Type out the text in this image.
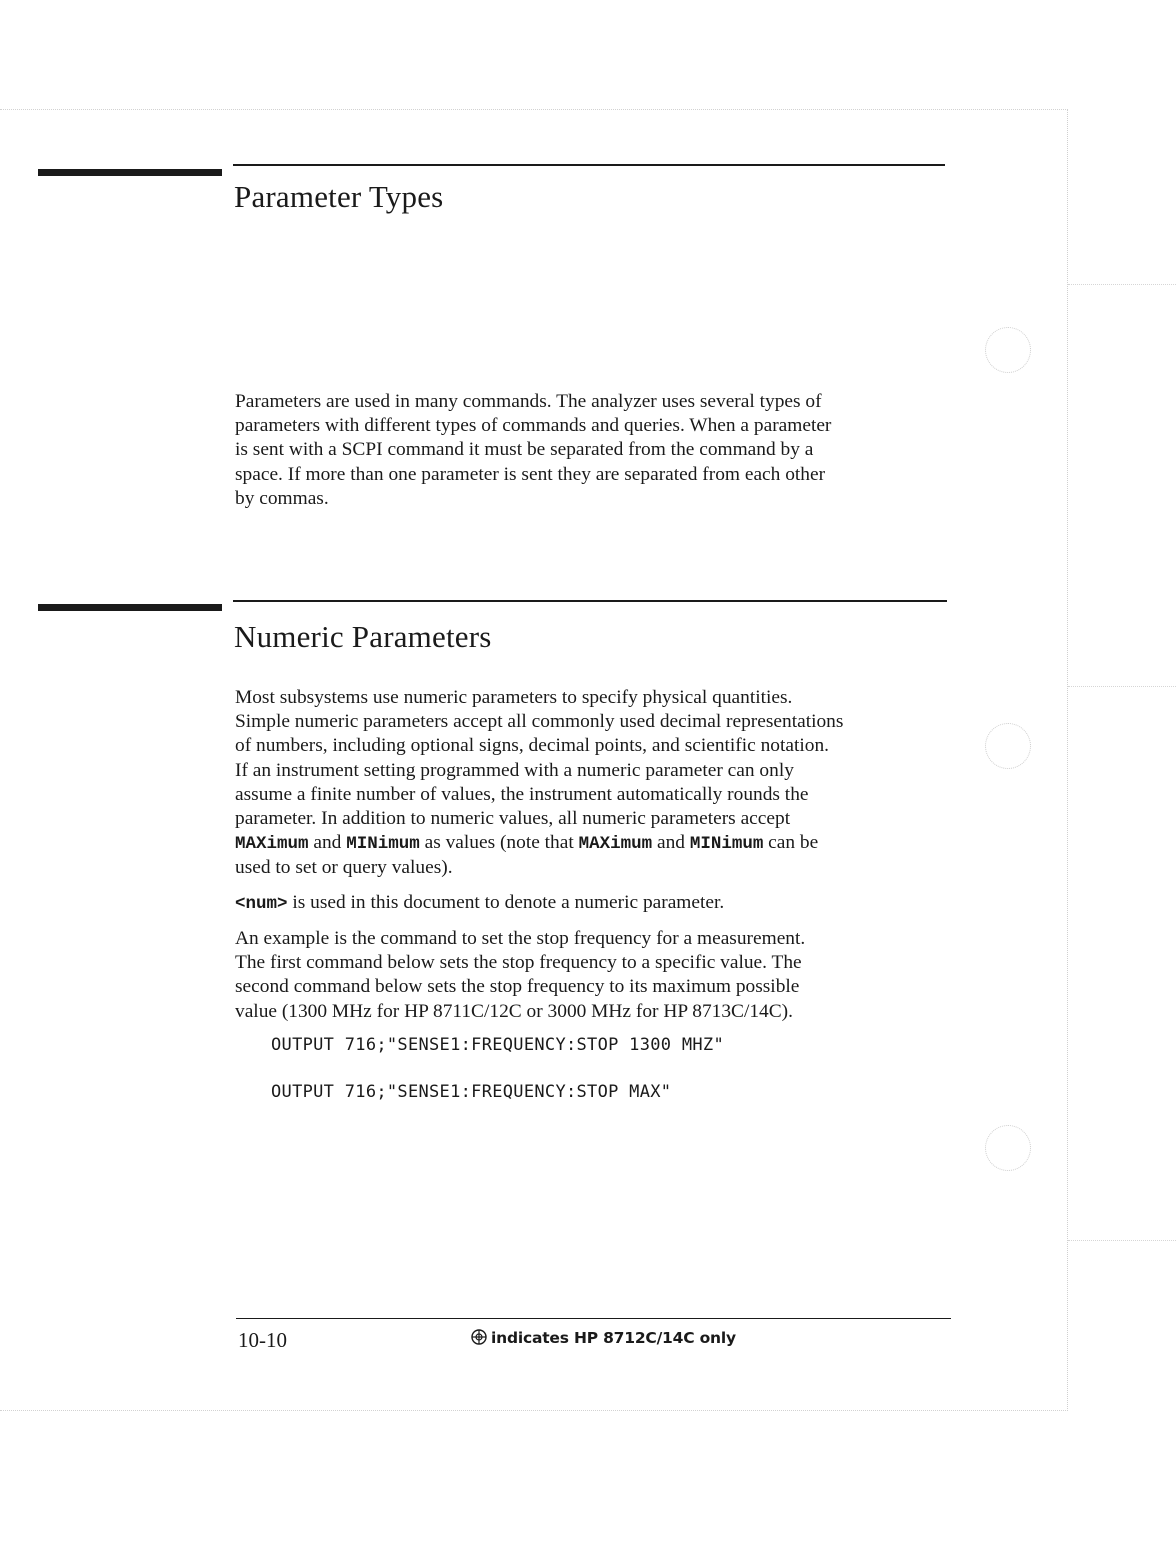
Parameter Types
Parameters are used in many commands. The analyzer uses several types of
parameters with different types of commands and queries. When a parameter
is sent with a SCPI command it must be separated from the command by a
space. If more than one parameter is sent they are separated from each other
by commas.
Numeric Parameters
Most subsystems use numeric parameters to specify physical quantities.
Simple numeric parameters accept all commonly used decimal representations
of numbers, including optional signs, decimal points, and scientific notation.
If an instrument setting programmed with a numeric parameter can only
assume a finite number of values, the instrument automatically rounds the
parameter. In addition to numeric values, all numeric parameters accept
MAXimum and MINimum as values (note that MAXimum and MINimum can be
used to set or query values).
<num> is used in this document to denote a numeric parameter.
An example is the command to set the stop frequency for a measurement.
The first command below sets the stop frequency to a specific value. The
second command below sets the stop frequency to its maximum possible
value (1300 MHz for HP 8711C/12C or 3000 MHz for HP 8713C/14C).
OUTPUT 716;"SENSE1:FREQUENCY:STOP 1300 MHZ"
OUTPUT 716;"SENSE1:FREQUENCY:STOP MAX"
10-10	indicates HP 8712C/14C only
